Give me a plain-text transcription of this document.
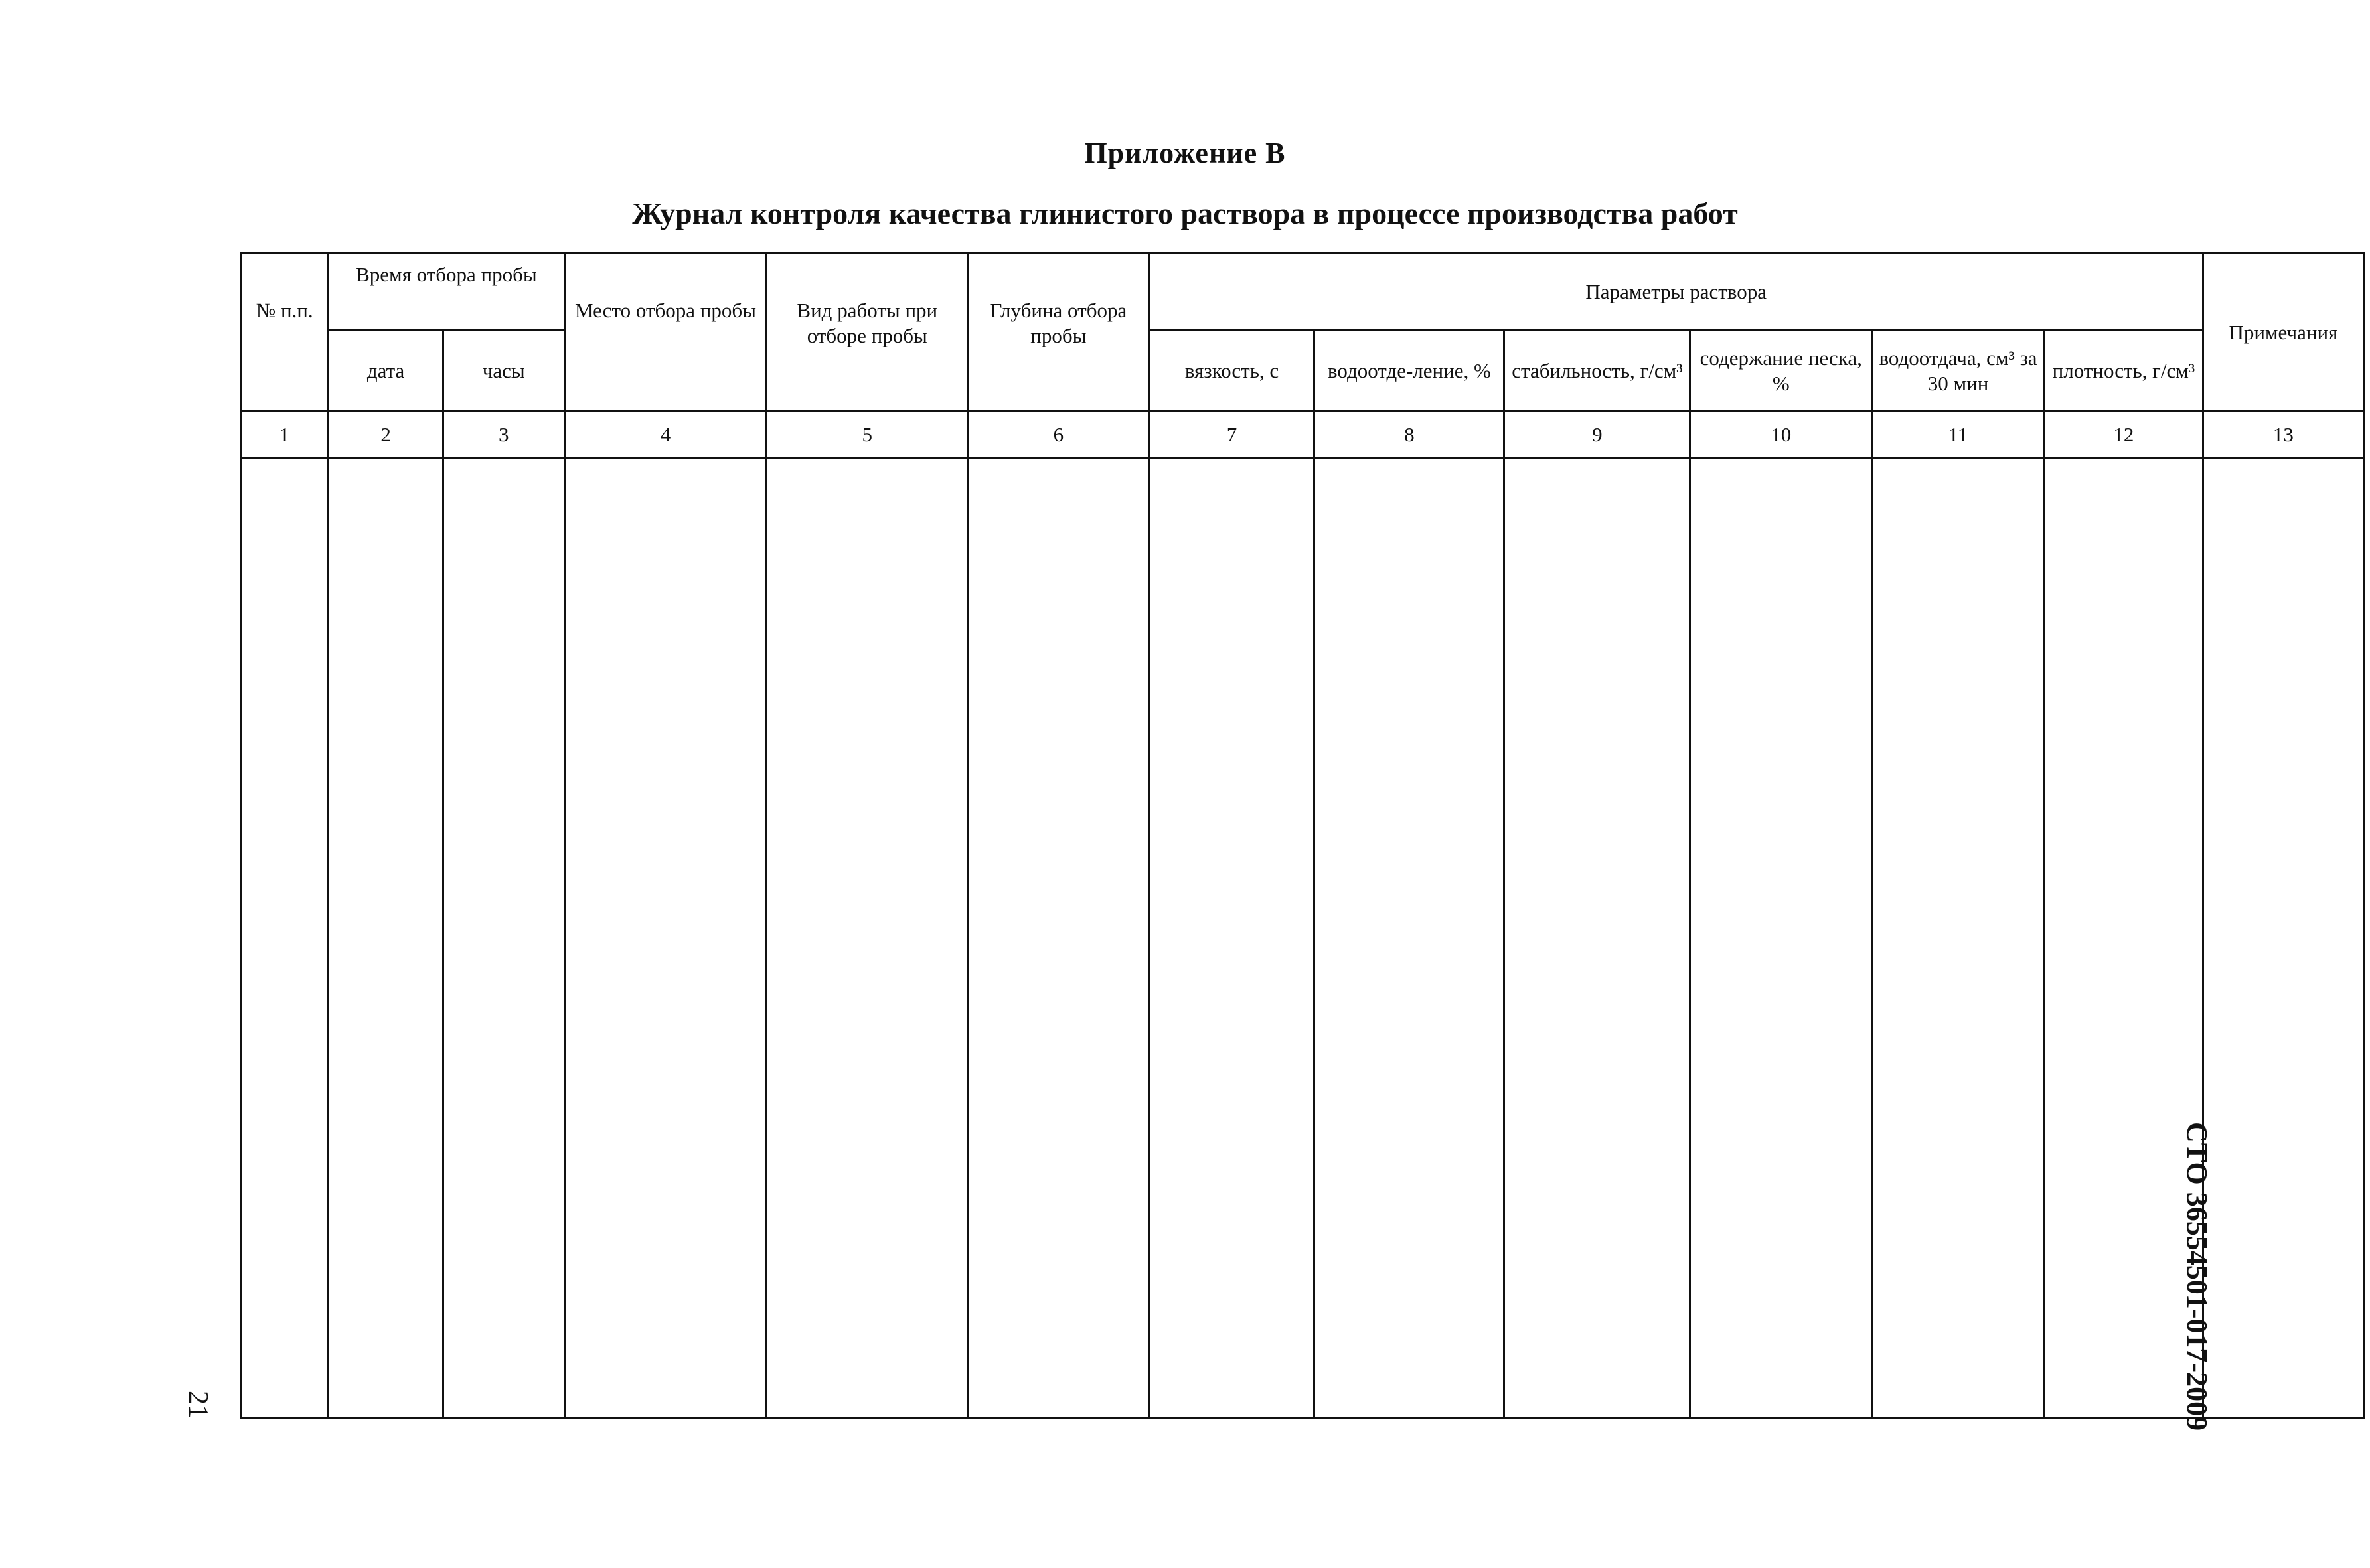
Приложение В
Журнал контроля качества глинистого раствора в процессе производства работ
№ п.п.	Время отбора пробы		Место отбора пробы	Вид работы при отборе пробы	Глубина отбора пробы	Параметры раствора						Примечания
	дата	часы				вязкость, с	водоотде-ление, %	стабильность, г/см³	содержание песка, %	водоотдача, см³ за 30 мин	плотность, г/см³	
1	2	3	4	5	6	7	8	9	10	11	12	13

СТО 36554501-017-2009
21
